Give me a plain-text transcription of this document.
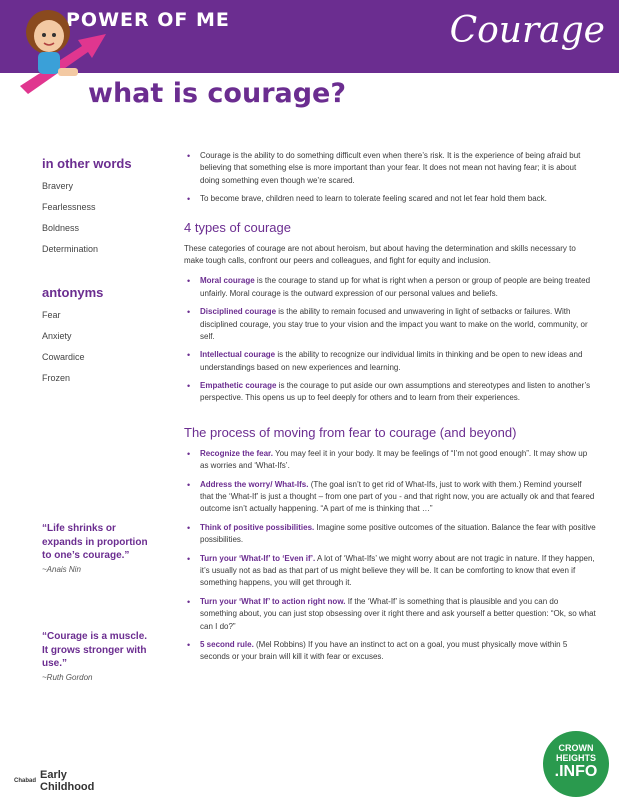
POWER OF ME	Courage
what is courage?
in other words
Bravery
Fearlessness
Boldness
Determination
antonyms
Fear
Anxiety
Cowardice
Frozen
“Life shrinks or expands in proportion to one’s courage.”
~Anais Nin
“Courage is a muscle. It grows stronger with use.”
~Ruth Gordon
• Courage is the ability to do something difficult even when there’s risk. It is the experience of being afraid but believing that something else is more important than your fear. It does not mean not having fear; it is about doing something even though we’re scared.
• To become brave, children need to learn to tolerate feeling scared and not let fear hold them back.
4 types of courage
These categories of courage are not about heroism, but about having the determination and skills necessary to make tough calls, confront our peers and colleagues, and fight for equity and inclusion.
• Moral courage is the courage to stand up for what is right when a person or group of people are being treated unfairly. Moral courage is the outward expression of our personal values and beliefs.
• Disciplined courage is the ability to remain focused and unwavering in light of setbacks or failures. With disciplined courage, you stay true to your vision and the impact you want to make on the world, community, or self.
• Intellectual courage is the ability to recognize our individual limits in thinking and be open to new ideas and understandings based on new experiences and learning.
• Empathetic courage is the courage to put aside our own assumptions and stereotypes and listen to another’s perspective. This opens us up to feel deeply for others and to learn from their experiences.
The process of moving from fear to courage (and beyond)
• Recognize the fear. You may feel it in your body. It may be feelings of “I’m not good enough”. It may show up as worries and ‘What-Ifs’.
• Address the worry/ What-Ifs. (The goal isn’t to get rid of What-Ifs, just to work with them.) Remind yourself that the ‘What-If’ is just a thought – from one part of you - and that right now, you are actually ok and that feared outcome isn’t actually happening. “A part of me is thinking that …”
• Think of positive possibilities. Imagine some positive outcomes of the situation. Balance the fear with positive possibilities.
• Turn your ‘What-If’ to ‘Even if’. A lot of ‘What-Ifs’ we might worry about are not tragic in nature. If they happen, it’s usually not as bad as that part of us might believe they will be. It can be comforting to know that even if something happens, you will get through it.
• Turn your ‘What If’ to action right now. If the ‘What-If’ is something that is plausible and you can do something about, you can just stop obsessing over it right there and ask yourself a better question: “Ok, so what can I do?”
• 5 second rule. (Mel Robbins) If you have an instinct to act on a goal, you must physically move within 5 seconds or your brain will kill it with fear or excuses.
Chabad Early
Childhood
CROWN
HEIGHTS
.INFO
